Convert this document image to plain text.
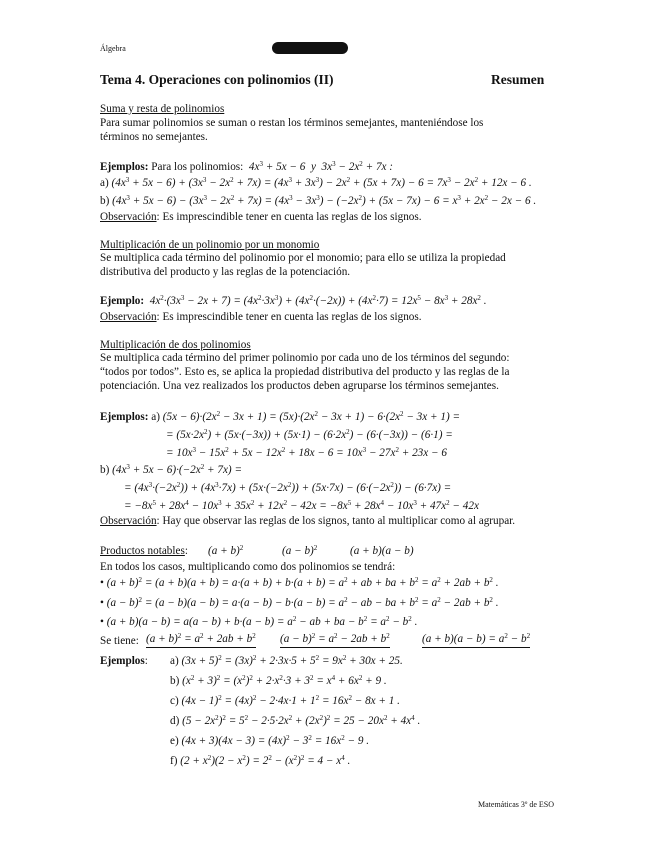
Álgebra
Tema 4. Operaciones con polinomios (II)	Resumen
Suma y resta de polinomios
Para sumar polinomios se suman o restan los términos semejantes, manteniéndose los
términos no semejantes.
Ejemplos: Para los polinomios:  $4x^3 + 5x - 6$  y  $3x^3 - 2x^2 + 7x$ :
a) $(4x^3 + 5x - 6) + (3x^3 - 2x^2 + 7x) = (4x^3 + 3x^3) - 2x^2 + (5x + 7x) - 6 = 7x^3 - 2x^2 + 12x - 6$ .
b) $(4x^3 + 5x - 6) - (3x^3 - 2x^2 + 7x) = (4x^3 - 3x^3) - (-2x^2) + (5x - 7x) - 6 = x^3 + 2x^2 - 2x - 6$ .
Observación: Es imprescindible tener en cuenta las reglas de los signos.
Multiplicación de un polinomio por un monomio
Se multiplica cada término del polinomio por el monomio; para ello se utiliza la propiedad
distributiva del producto y las reglas de la potenciación.
Ejemplo:  $4x^2\cdot(3x^3 - 2x + 7) = (4x^2\cdot 3x^3) + (4x^2\cdot(-2x)) + (4x^2\cdot 7) = 12x^5 - 8x^3 + 28x^2$ .
Observación: Es imprescindible tener en cuenta las reglas de los signos.
Multiplicación de dos polinomios
Se multiplica cada término del primer polinomio por cada uno de los términos del segundo:
“todos por todos”. Esto es, se aplica la propiedad distributiva del producto y las reglas de la
potenciación. Una vez realizados los productos deben agruparse los términos semejantes.
Ejemplos: a) $(5x - 6)\cdot(2x^2 - 3x + 1) = (5x)\cdot(2x^2 - 3x + 1) - 6\cdot(2x^2 - 3x + 1)$ =
= $(5x\cdot 2x^2) + (5x\cdot(-3x)) + (5x\cdot 1) - (6\cdot 2x^2) - (6\cdot(-3x)) - (6\cdot 1)$ =
= $10x^3 - 15x^2 + 5x - 12x^2 + 18x - 6 = 10x^3 - 27x^2 + 23x - 6$
b) $(4x^3 + 5x - 6)\cdot(-2x^2 + 7x)$ =
= $(4x^3\cdot(-2x^2)) + (4x^3\cdot 7x) + (5x\cdot(-2x^2)) + (5x\cdot 7x) - (6\cdot(-2x^2)) - (6\cdot 7x)$ =
= $-8x^5 + 28x^4 - 10x^3 + 35x^2 + 12x^2 - 42x = -8x^5 + 28x^4 - 10x^3 + 47x^2 - 42x$
Observación: Hay que observar las reglas de los signos, tanto al multiplicar como al agrupar.
Productos notables: $(a + b)^2$	$(a - b)^2$	(a + b)(a − b)
En todos los casos, multiplicando como dos polinomios se tendrá:
• $(a + b)^2 = (a + b)(a + b) = a\cdot(a + b) + b\cdot(a + b) = a^2$ + ab + ba + $b^2 = a^2 + 2ab + b^2$ .
• $(a - b)^2 = (a - b)(a - b) = a\cdot(a - b) - b\cdot(a - b) = a^2$ − ab − ba + $b^2 = a^2 - 2ab + b^2$ .
• $(a + b)(a - b) = a(a - b) + b\cdot(a - b) = a^2$ − ab + ba − $b^2 = a^2 - b^2$ .
Se tiene: $(a + b)^2 = a^2 + 2ab + b^2$ $(a - b)^2 = a^2 - 2ab + b^2$	$(a + b)(a - b) = a^2 - b^2$
Ejemplos: a) $(3x + 5)^2 = (3x)^2 + 2\cdot 3x\cdot 5 + 5^2 = 9x^2 + 30x + 25$.
b) $(x^2 + 3)^2 = (x^2)^2 + 2\cdot x^2\cdot 3 + 3^2 = x^4 + 6x^2 + 9$ .
c) $(4x - 1)^2 = (4x)^2 - 2\cdot 4x\cdot 1 + 1^2 = 16x^2 - 8x + 1$ .
d) $(5 - 2x^2)^2 = 5^2 - 2\cdot 5\cdot 2x^2 + (2x^2)^2 = 25 - 20x^2 + 4x^4$ .
e) $(4x + 3)(4x - 3) = (4x)^2 - 3^2 = 16x^2 - 9$ .
f) $(2 + x^2)(2 - x^2) = 2^2 - (x^2)^2 = 4 - x^4$ .
Matemáticas 3º de ESO
